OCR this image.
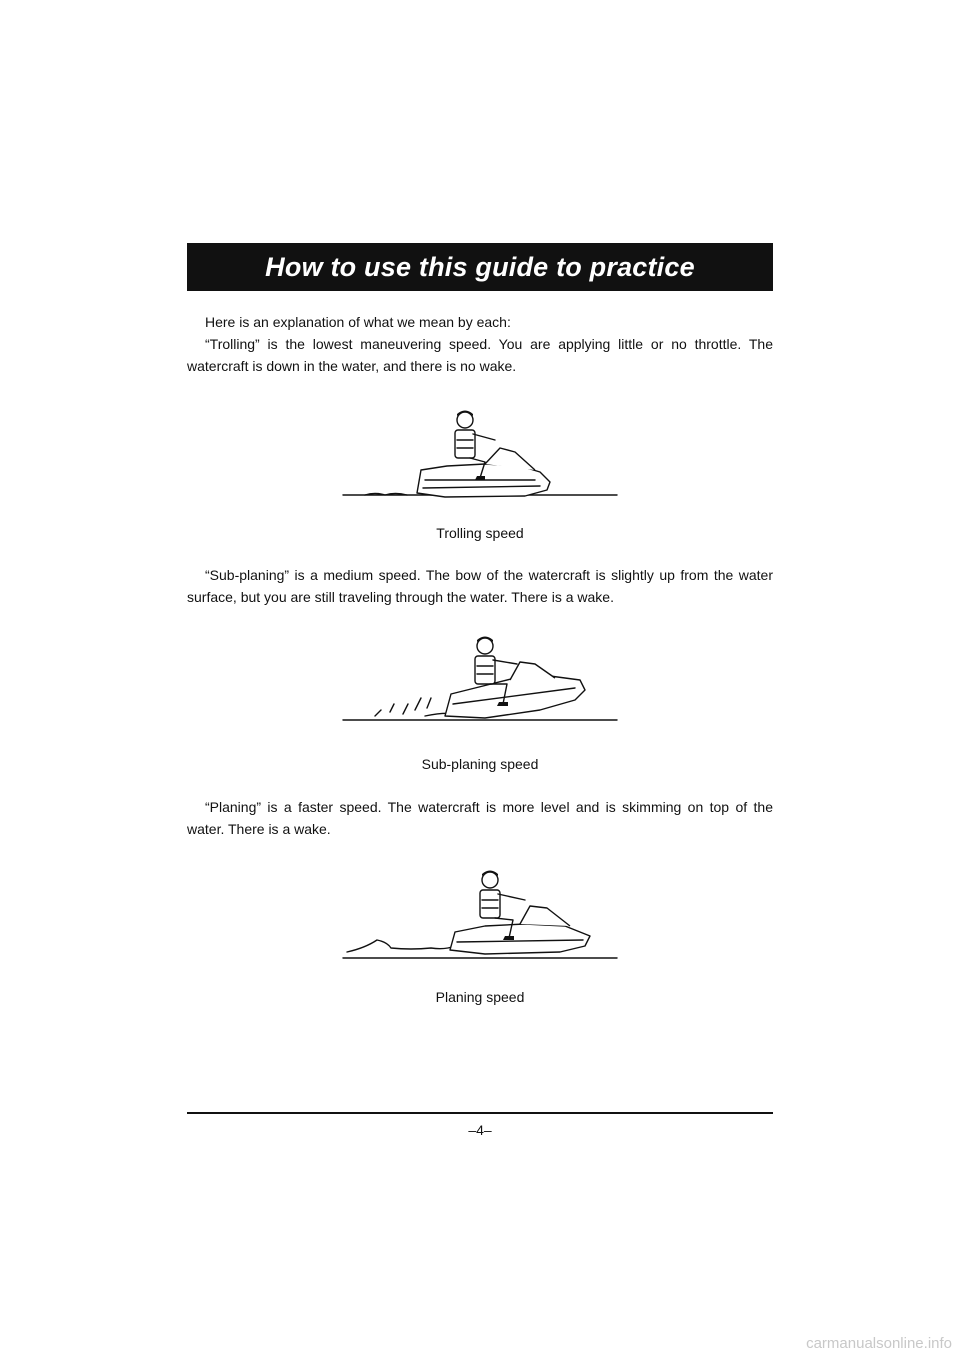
How to use this guide to practice

Here is an explanation of what we mean by each:
“Trolling” is the lowest maneuvering speed. You are applying little or no throttle. The watercraft is down in the water, and there is no wake.

Trolling speed

“Sub-planing” is a medium speed. The bow of the watercraft is slightly up from the water surface, but you are still traveling through the water. There is a wake.

Sub-planing speed

“Planing” is a faster speed. The watercraft is more level and is skimming on top of the water. There is a wake.

Planing speed
–4–
carmanualsonline.info
